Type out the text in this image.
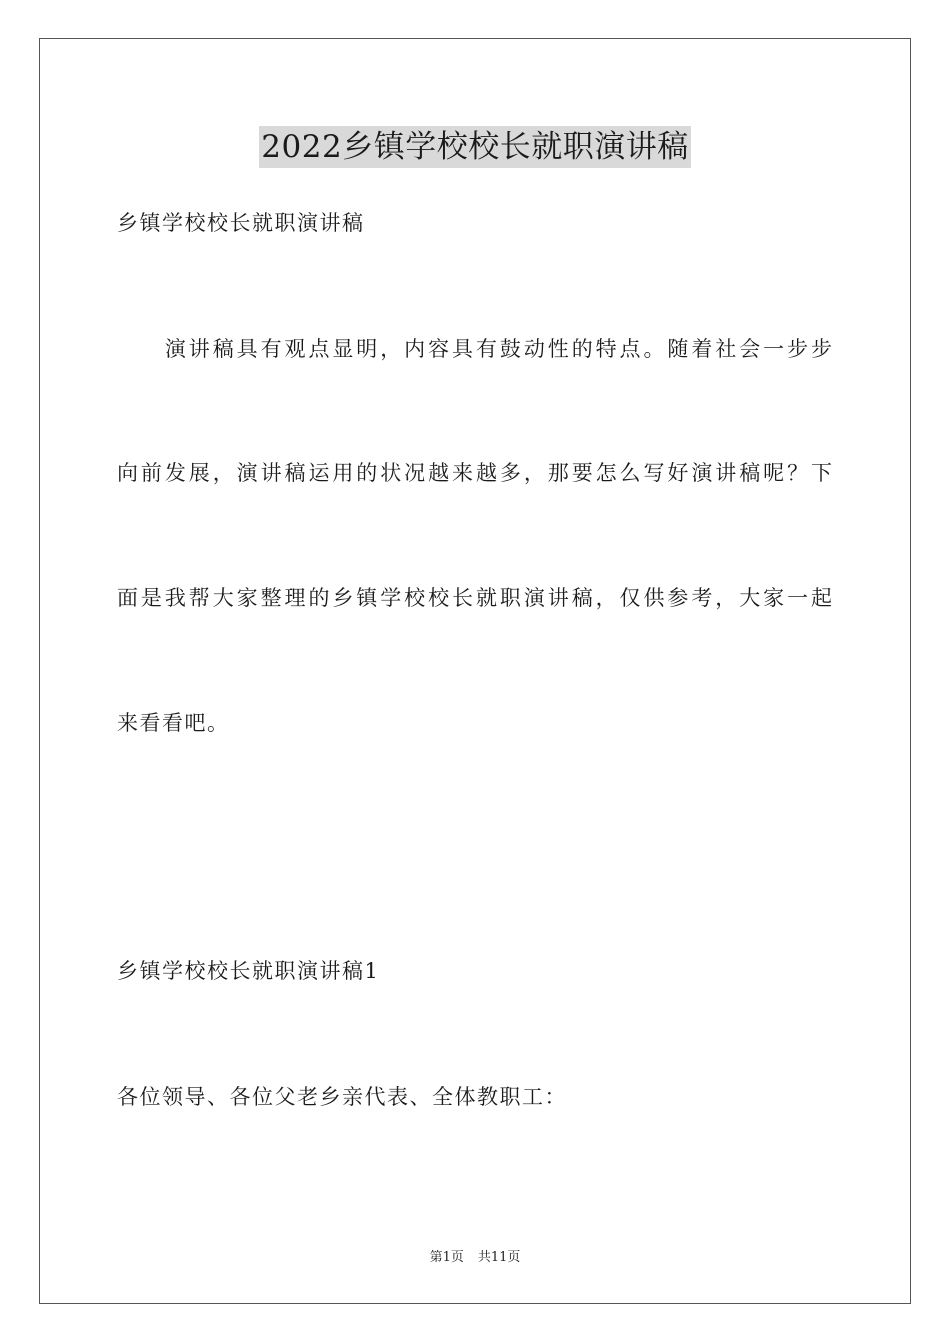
2022乡镇学校校长就职演讲稿

乡镇学校校长就职演讲稿

　　演讲稿具有观点显明，内容具有鼓动性的特点。随着社会一步步

向前发展，演讲稿运用的状况越来越多，那要怎么写好演讲稿呢？下

面是我帮大家整理的乡镇学校校长就职演讲稿，仅供参考，大家一起

来看看吧。

乡镇学校校长就职演讲稿1

各位领导、各位父老乡亲代表、全体教职工：

第1页 共11页
